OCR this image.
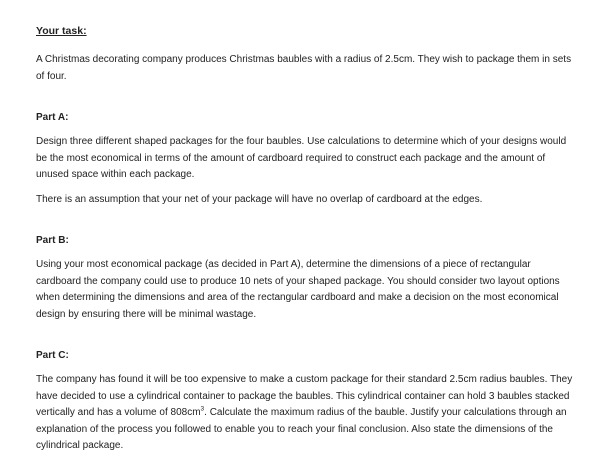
Your task:

A Christmas decorating company produces Christmas baubles with a radius of 2.5cm. They wish to package them in sets of four.

Part A:

Design three different shaped packages for the four baubles. Use calculations to determine which of your designs would be the most economical in terms of the amount of cardboard required to construct each package and the amount of unused space within each package.

There is an assumption that your net of your package will have no overlap of cardboard at the edges.

Part B:

Using your most economical package (as decided in Part A), determine the dimensions of a piece of rectangular cardboard the company could use to produce 10 nets of your shaped package. You should consider two layout options when determining the dimensions and area of the rectangular cardboard and make a decision on the most economical design by ensuring there will be minimal wastage.

Part C:

The company has found it will be too expensive to make a custom package for their standard 2.5cm radius baubles. They have decided to use a cylindrical container to package the baubles. This cylindrical container can hold 3 baubles stacked vertically and has a volume of $808cm^3$. Calculate the maximum radius of the bauble. Justify your calculations through an explanation of the process you followed to enable you to reach your final conclusion. Also state the dimensions of the cylindrical package.
